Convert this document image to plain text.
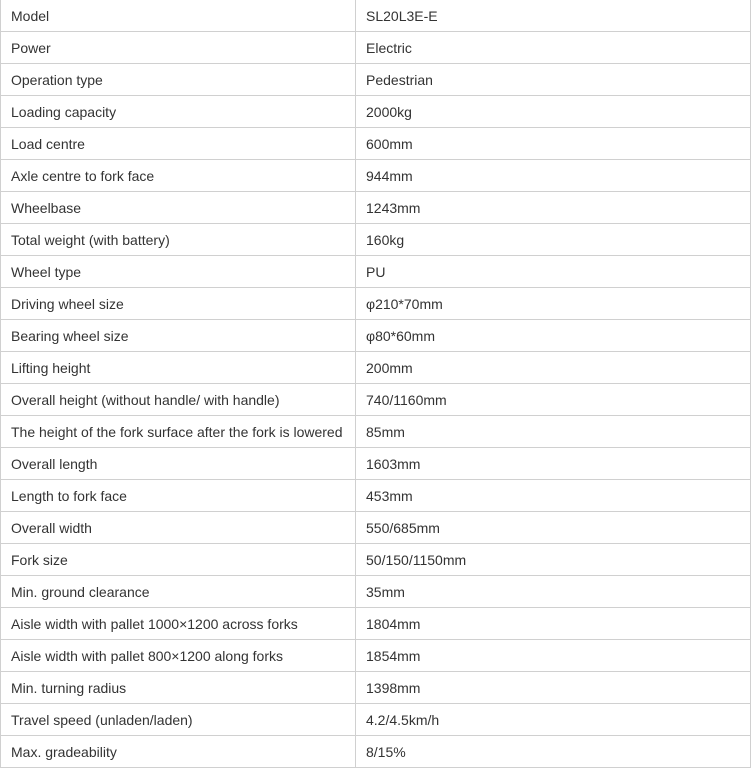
Model	SL20L3E-E
Power	Electric
Operation type	Pedestrian
Loading capacity	2000kg
Load centre	600mm
Axle centre to fork face	944mm
Wheelbase	1243mm
Total weight (with battery)	160kg
Wheel type	PU
Driving wheel size	φ210*70mm
Bearing wheel size	φ80*60mm
Lifting height	200mm
Overall height (without handle/ with handle)	740/1160mm
The height of the fork surface after the fork is lowered	85mm
Overall length	1603mm
Length to fork face	453mm
Overall width	550/685mm
Fork size	50/150/1150mm
Min. ground clearance	35mm
Aisle width with pallet 1000×1200 across forks	1804mm
Aisle width with pallet 800×1200 along forks	1854mm
Min. turning radius	1398mm
Travel speed (unladen/laden)	4.2/4.5km/h
Max. gradeability	8/15%
